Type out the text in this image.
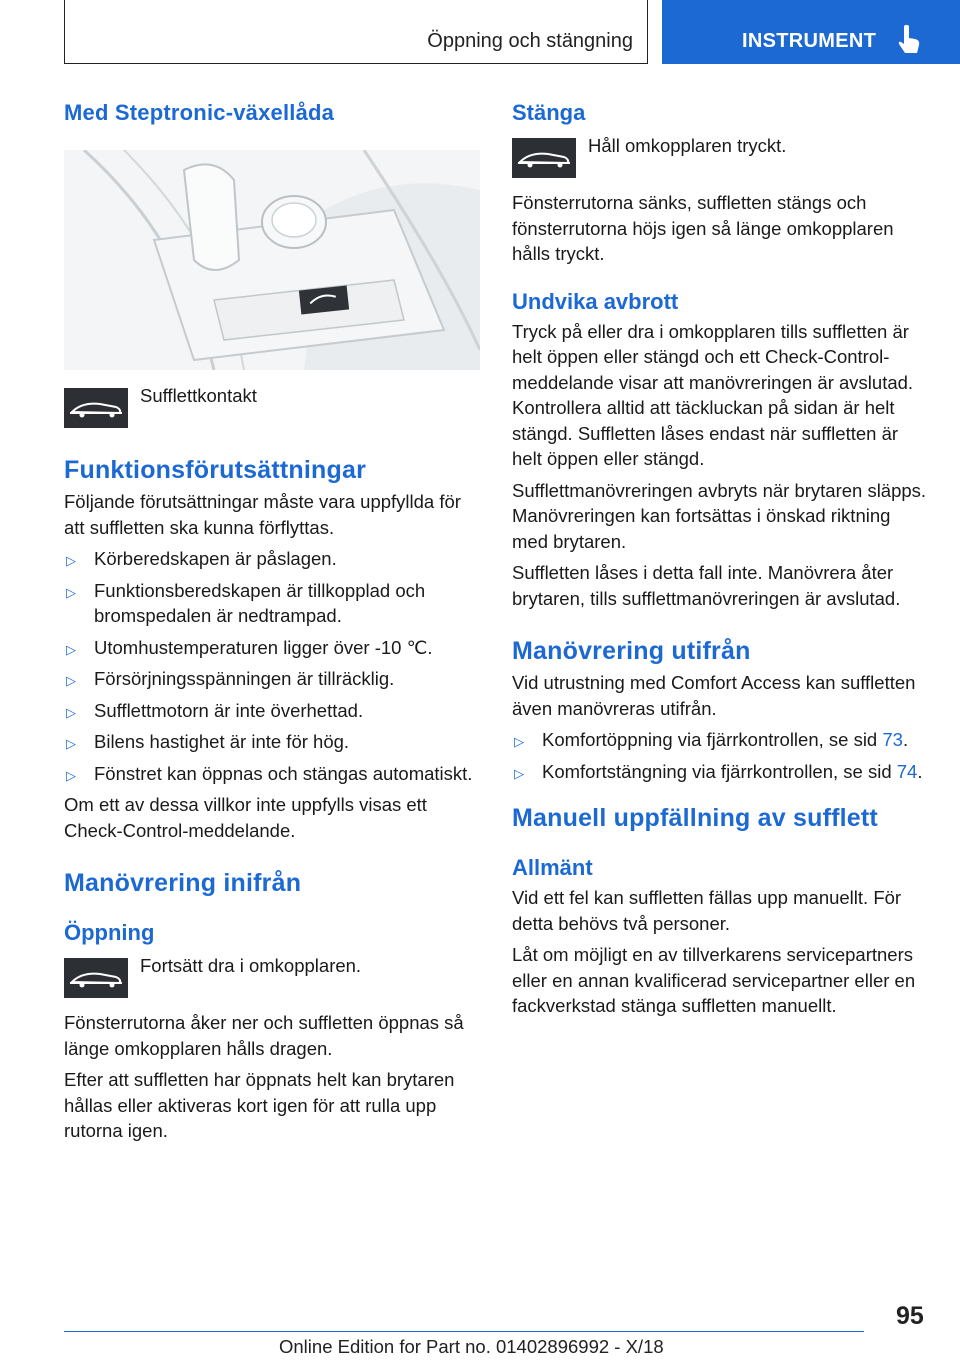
Öppning och stängning	INSTRUMENT
Med Steptronic-växellåda
Sufflettkontakt
Funktionsförutsättningar

Följande förutsättningar måste vara uppfyllda för att suffletten ska kunna förflyttas.

▷ Körberedskapen är påslagen.
▷ Funktionsberedskapen är tillkopplad och bromspedalen är nedtrampad.
▷ Utomhustemperaturen ligger över -10 ℃.
▷ Försörjningsspänningen är tillräcklig.
▷ Sufflettmotorn är inte överhettad.
▷ Bilens hastighet är inte för hög.
▷ Fönstret kan öppnas och stängas automatiskt.

Om ett av dessa villkor inte uppfylls visas ett Check-Control-meddelande.

Manövrering inifrån
Öppning
Fortsätt dra i omkopplaren.

Fönsterrutorna åker ner och suffletten öppnas så länge omkopplaren hålls dragen.

Efter att suffletten har öppnats helt kan brytaren hållas eller aktiveras kort igen för att rulla upp rutorna igen.

Stänga
Håll omkopplaren tryckt.

Fönsterrutorna sänks, suffletten stängs och fönsterrutorna höjs igen så länge omkopplaren hålls tryckt.

Undvika avbrott

Tryck på eller dra i omkopplaren tills suffletten är helt öppen eller stängd och ett Check-Control-meddelande visar att manövreringen är avslutad. Kontrollera alltid att täckluckan på sidan är helt stängd. Suffletten låses endast när suffletten är helt öppen eller stängd.

Sufflettmanövreringen avbryts när brytaren släpps. Manövreringen kan fortsättas i önskad riktning med brytaren.

Suffletten låses i detta fall inte. Manövrera åter brytaren, tills sufflettmanövreringen är avslutad.

Manövrering utifrån

Vid utrustning med Comfort Access kan suffletten även manövreras utifrån.

▷ Komfortöppning via fjärrkontrollen, se sid 73.
▷ Komfortstängning via fjärrkontrollen, se sid 74.
Manuell uppfällning av sufflett
Allmänt

Vid ett fel kan suffletten fällas upp manuellt. För detta behövs två personer.

Låt om möjligt en av tillverkarens servicepartners eller en annan kvalificerad servicepartner eller en fackverkstad stänga suffletten manuellt.

95
Online Edition for Part no. 01402896992 - X/18
